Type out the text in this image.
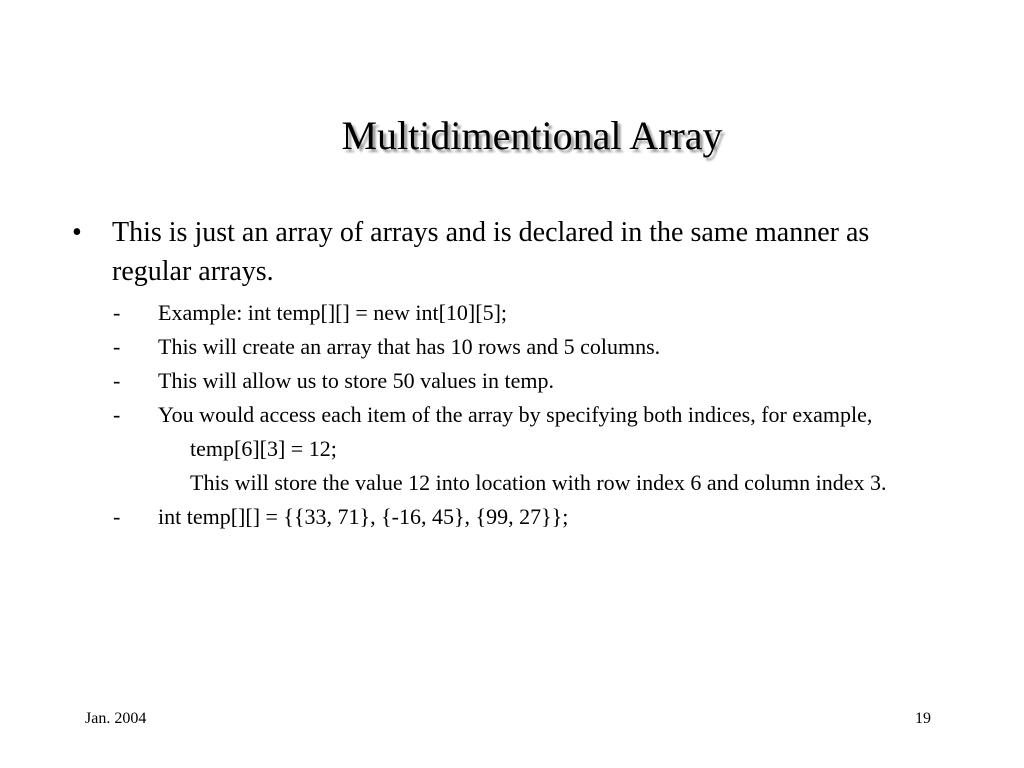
Multidimentional Array
• This is just an array of arrays and is declared in the same manner as regular arrays.
- Example: int temp[][] = new int[10][5];
- This will create an array that has 10 rows and 5 columns.
- This will allow us to store 50 values in temp.
- You would access each item of the array by specifying both indices, for example,
temp[6][3] = 12;
This will store the value 12 into location with row index 6 and column index 3.
- int temp[][] = {{33, 71}, {-16, 45}, {99, 27}};
Jan. 2004	19
